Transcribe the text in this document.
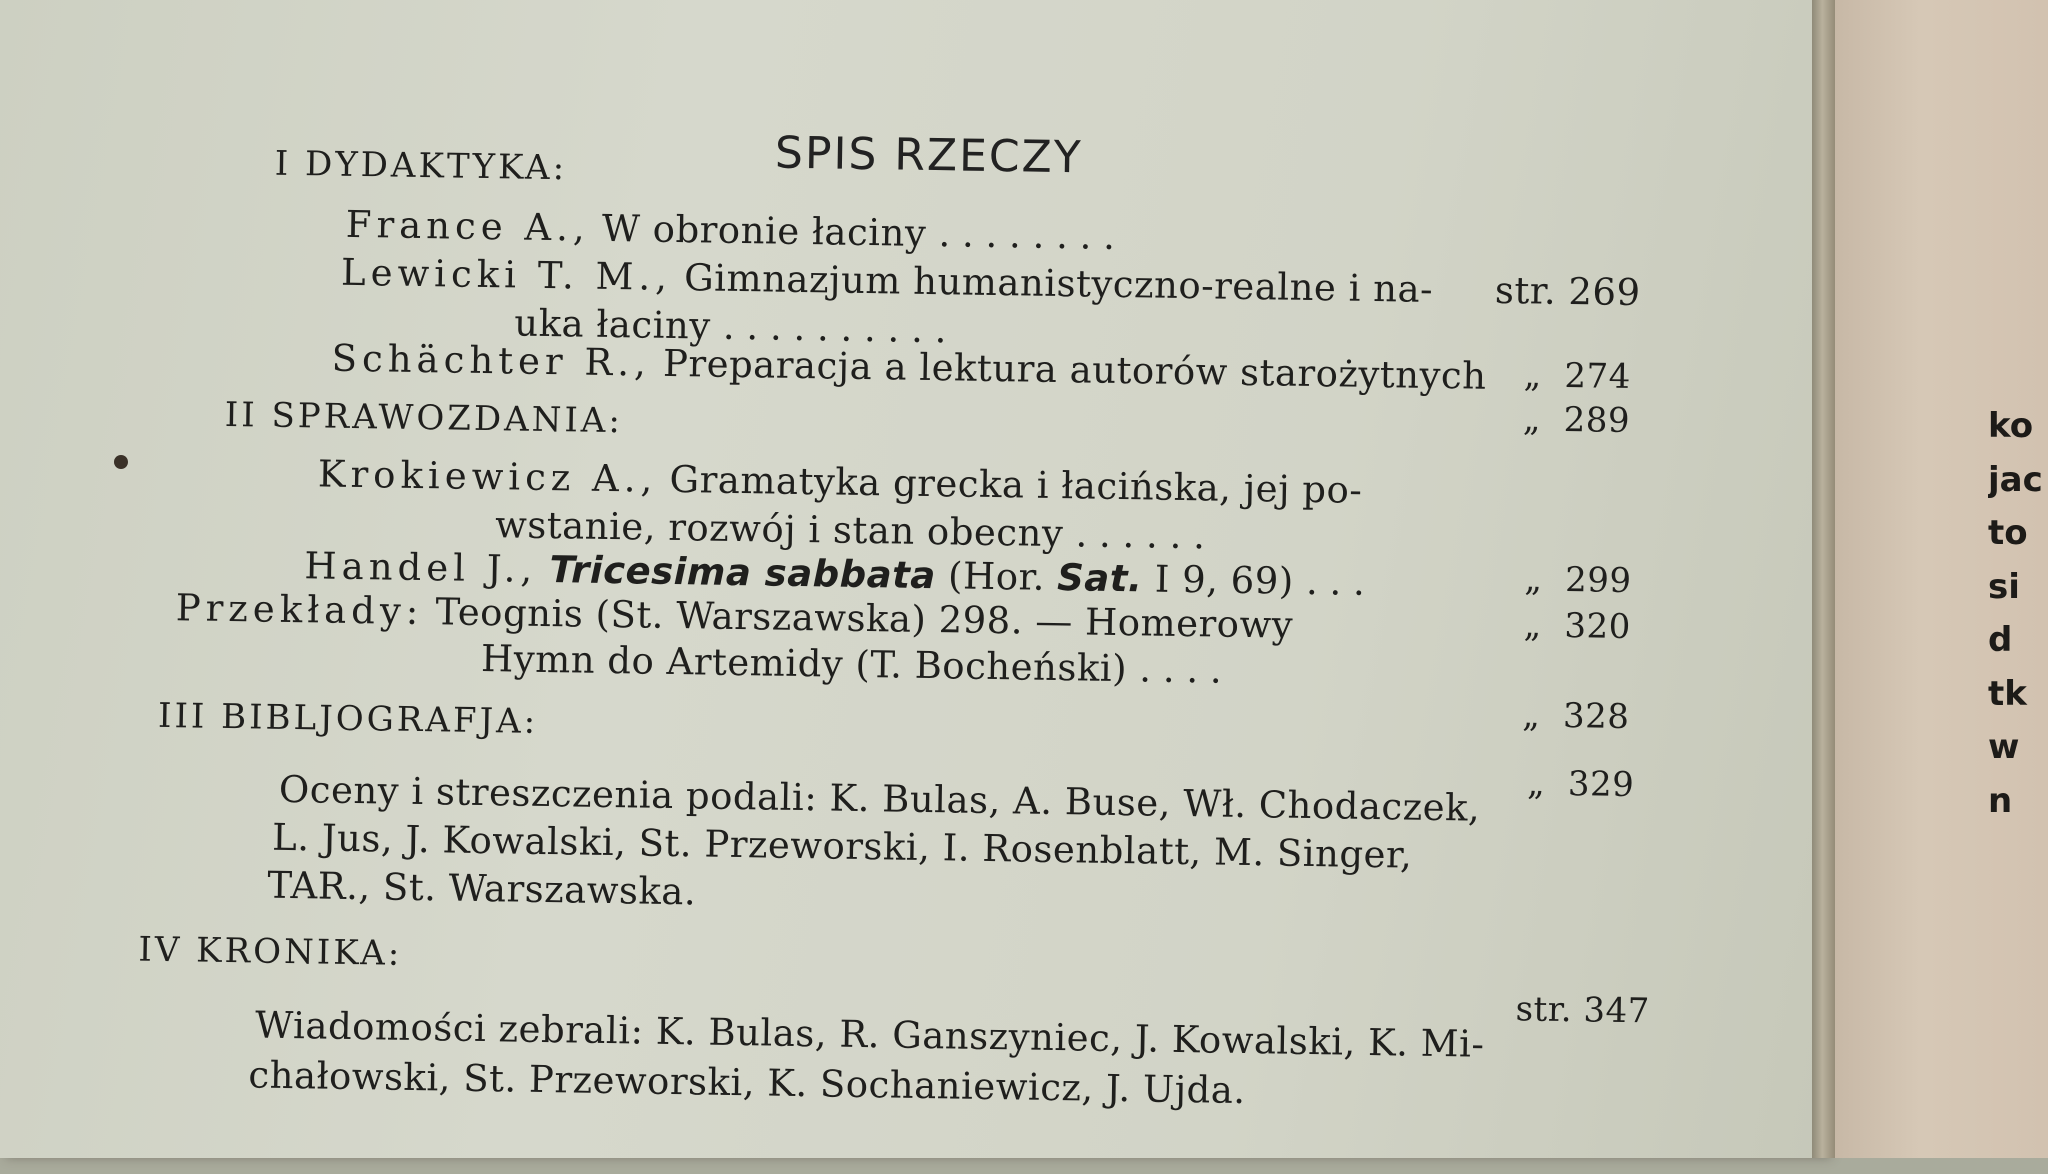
ko
jac
to
si
d
tk
w
n
SPIS RZECZY
I DYDAKTYKA:
France A., W obronie łaciny . . . . . . . .
Lewicki T. M., Gimnazjum humanistyczno-realne i na- str. 269
uka łaciny . . . . . . . . . .
Schächter R., Preparacja a lektura autorów starożytnych „ 274
„ 289
II SPRAWOZDANIA:
Krokiewicz A., Gramatyka grecka i łacińska, jej po-
wstanie, rozwój i stan obecny . . . . . .
„ 299
Handel J., Tricesima sabbata (Hor. Sat. I 9, 69) . . .
„ 320
Przekłady: Teognis (St. Warszawska) 298. — Homerowy
Hymn do Artemidy (T. Bocheński) . . . .
„ 328
III BIBLJOGRAFJA:
„ 329
Oceny i streszczenia podali: K. Bulas, A. Buse, Wł. Chodaczek,
L. Jus, J. Kowalski, St. Przeworski, I. Rosenblatt, M. Singer,
TAR., St. Warszawska.
IV KRONIKA:
str. 347
Wiadomości zebrali: K. Bulas, R. Ganszyniec, J. Kowalski, K. Mi-
chałowski, St. Przeworski, K. Sochaniewicz, J. Ujda.
